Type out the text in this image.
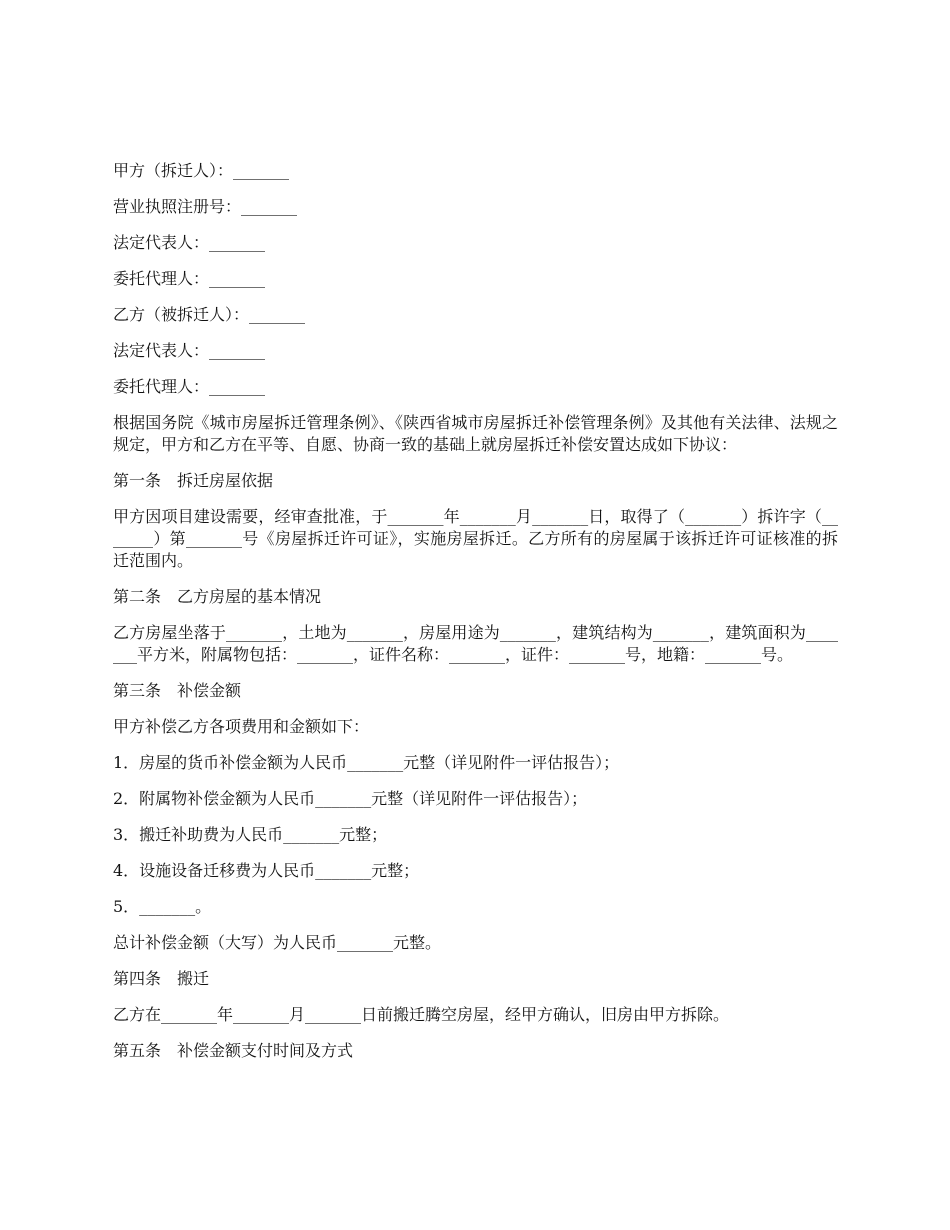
甲方（拆迁人）：_______
营业执照注册号：_______
法定代表人：_______
委托代理人：_______
乙方（被拆迁人）：_______
法定代表人：_______
委托代理人：_______
根据国务院《城市房屋拆迁管理条例》、《陕西省城市房屋拆迁补偿管理条例》及其他有关法律、法规之规定，甲方和乙方在平等、自愿、协商一致的基础上就房屋拆迁补偿安置达成如下协议：
第一条　拆迁房屋依据
甲方因项目建设需要，经审查批准，于_______年_______月_______日，取得了（_______）拆许字（_______）第_______号《房屋拆迁许可证》，实施房屋拆迁。乙方所有的房屋属于该拆迁许可证核准的拆迁范围内。
第二条　乙方房屋的基本情况
乙方房屋坐落于_______，土地为_______，房屋用途为_______，建筑结构为_______，建筑面积为_______平方米，附属物包括：_______，证件名称：_______，证件：_______号，地籍：_______号。
第三条　补偿金额
甲方补偿乙方各项费用和金额如下：
1．房屋的货币补偿金额为人民币_______元整（详见附件一评估报告）；
2．附属物补偿金额为人民币_______元整（详见附件一评估报告）；
3．搬迁补助费为人民币_______元整；
4．设施设备迁移费为人民币_______元整；
5．_______。
总计补偿金额（大写）为人民币_______元整。
第四条　搬迁
乙方在_______年_______月_______日前搬迁腾空房屋，经甲方确认，旧房由甲方拆除。
第五条　补偿金额支付时间及方式
